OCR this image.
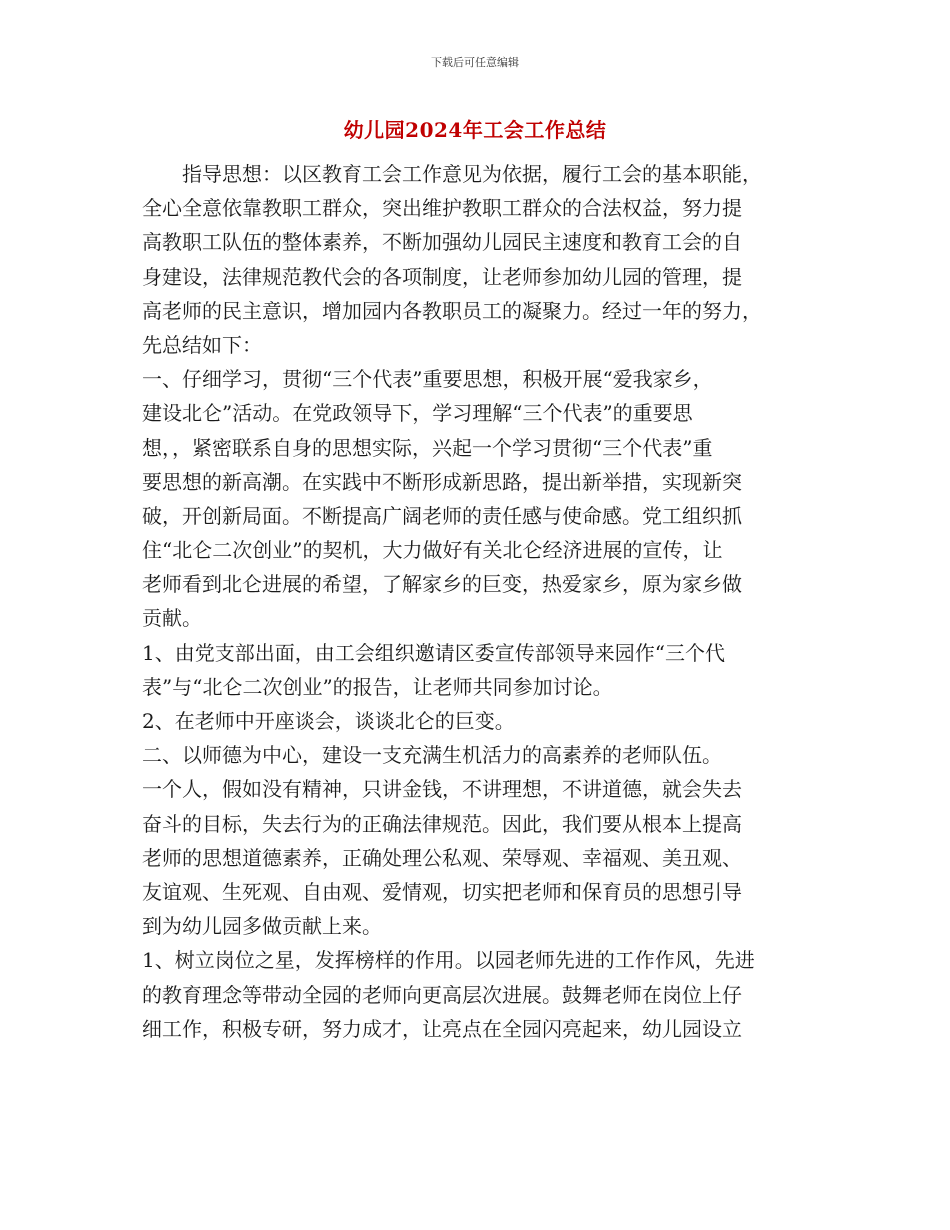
下载后可任意编辑
幼儿园2024年工会工作总结
　　指导思想：以区教育工会工作意见为依据，履行工会的基本职能，
全心全意依靠教职工群众，突出维护教职工群众的合法权益，努力提
高教职工队伍的整体素养，不断加强幼儿园民主速度和教育工会的自
身建设，法律规范教代会的各项制度，让老师参加幼儿园的管理，提
高老师的民主意识，增加园内各教职员工的凝聚力。经过一年的努力，
先总结如下：
一、仔细学习，贯彻“三个代表”重要思想，积极开展“爱我家乡，
建设北仑”活动。在党政领导下，学习理解“三个代表”的重要思
想，，紧密联系自身的思想实际，兴起一个学习贯彻“三个代表”重
要思想的新高潮。在实践中不断形成新思路，提出新举措，实现新突
破，开创新局面。不断提高广阔老师的责任感与使命感。党工组织抓
住“北仑二次创业”的契机，大力做好有关北仑经济进展的宣传，让
老师看到北仑进展的希望，了解家乡的巨变，热爱家乡，原为家乡做
贡献。
1、由党支部出面，由工会组织邀请区委宣传部领导来园作“三个代
表”与“北仑二次创业”的报告，让老师共同参加讨论。
2、在老师中开座谈会，谈谈北仑的巨变。
二、以师德为中心，建设一支充满生机活力的高素养的老师队伍。
一个人，假如没有精神，只讲金钱，不讲理想，不讲道德，就会失去
奋斗的目标，失去行为的正确法律规范。因此，我们要从根本上提高
老师的思想道德素养，正确处理公私观、荣辱观、幸福观、美丑观、
友谊观、生死观、自由观、爱情观，切实把老师和保育员的思想引导
到为幼儿园多做贡献上来。
1、树立岗位之星，发挥榜样的作用。以园老师先进的工作作风，先进
的教育理念等带动全园的老师向更高层次进展。鼓舞老师在岗位上仔
细工作，积极专研，努力成才，让亮点在全园闪亮起来，幼儿园设立
